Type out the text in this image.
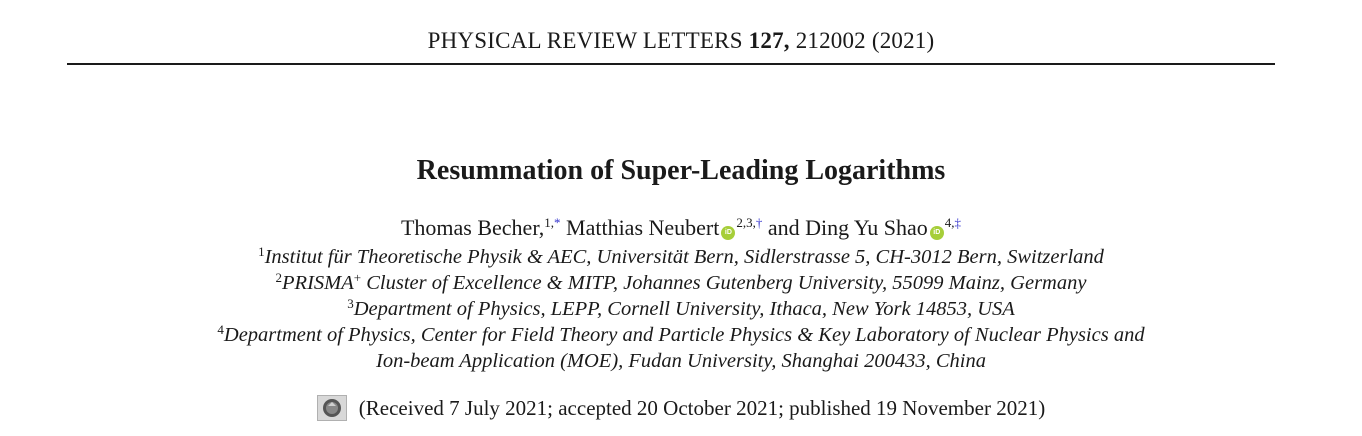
PHYSICAL REVIEW LETTERS 127, 212002 (2021)
Resummation of Super-Leading Logarithms
Thomas Becher,$^{1,*}$ Matthias Neubert $iD^{2,3,\dagger}$ and Ding Yu Shao $iD^{4,\ddagger}$
$^1$Institut für Theoretische Physik & AEC, Universität Bern, Sidlerstrasse 5, CH-3012 Bern, Switzerland
$^2$PRISMA+ Cluster of Excellence & MITP, Johannes Gutenberg University, 55099 Mainz, Germany
$^3$Department of Physics, LEPP, Cornell University, Ithaca, New York 14853, USA
$^4$Department of Physics, Center for Field Theory and Particle Physics & Key Laboratory of Nuclear Physics and
Ion-beam Application (MOE), Fudan University, Shanghai 200433, China
(Received 7 July 2021; accepted 20 October 2021; published 19 November 2021)
